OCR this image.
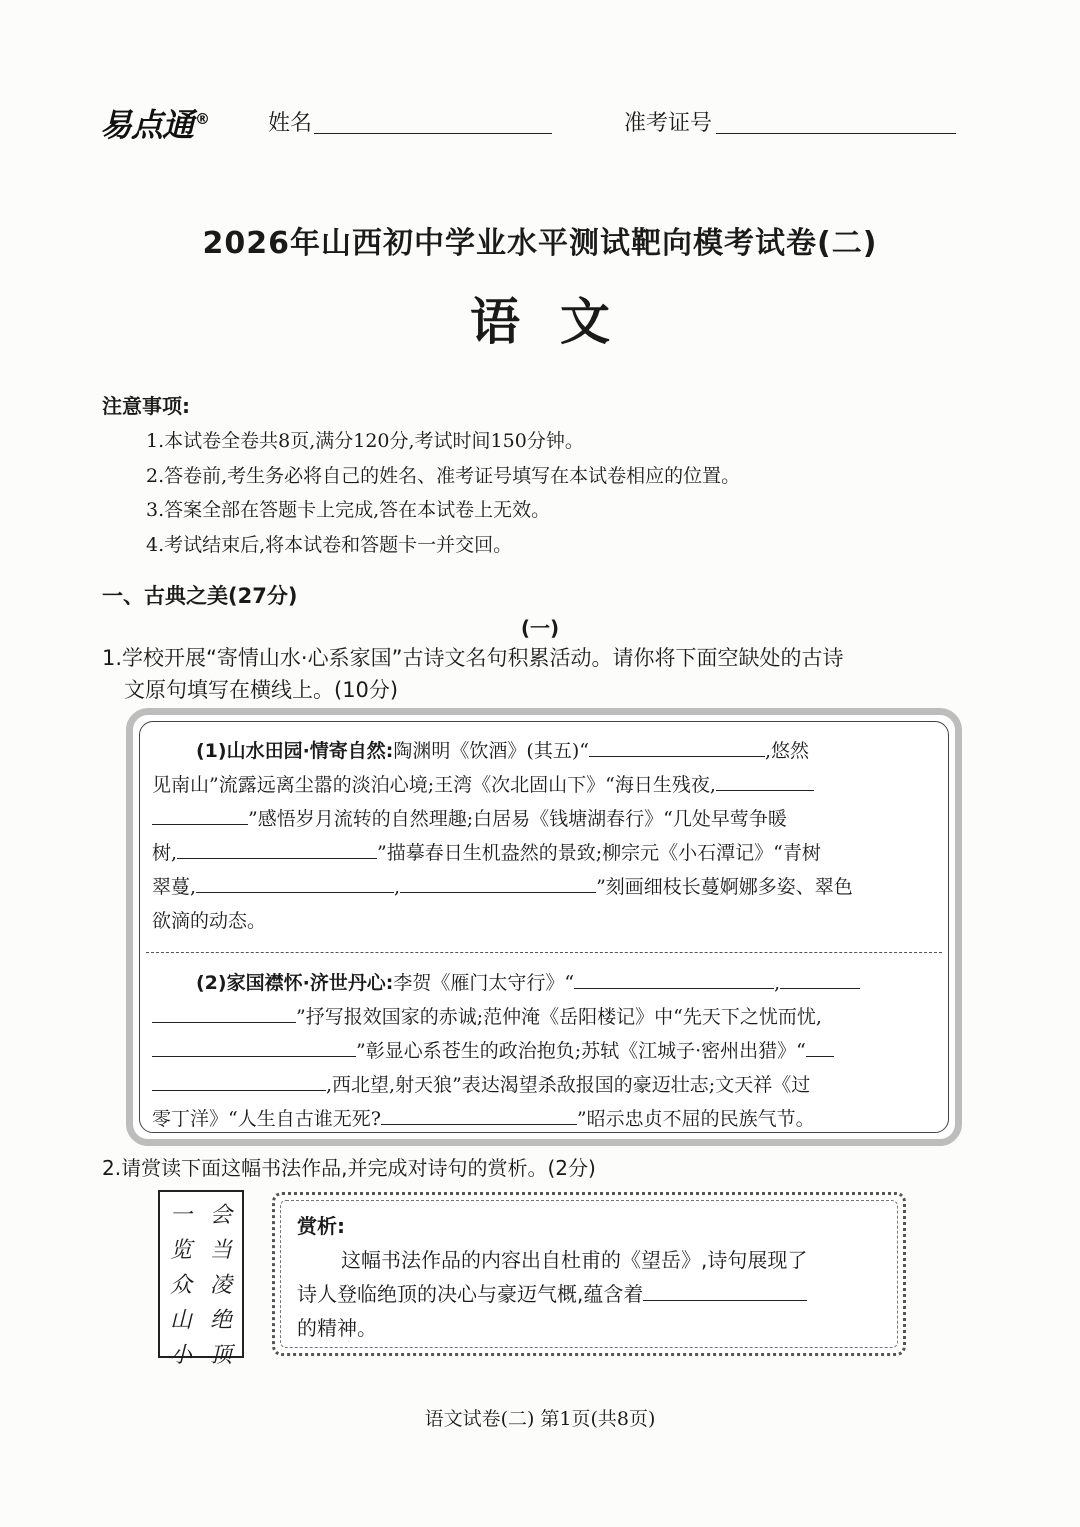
易点通 ®	姓名	准考证号
2026年山西初中学业水平测试靶向模考试卷(二)
语文
注意事项:
1.本试卷全卷共8页,满分120分,考试时间150分钟。
2.答卷前,考生务必将自己的姓名、准考证号填写在本试卷相应的位置。
3.答案全部在答题卡上完成,答在本试卷上无效。
4.考试结束后,将本试卷和答题卡一并交回。
一、古典之美(27分)
(一)
1.学校开展“寄情山水·心系家国”古诗文名句积累活动。请你将下面空缺处的古诗
文原句填写在横线上。(10分)
(1)山水田园·情寄自然:陶渊明《饮酒》(其五)“	,悠然
见南山”流露远离尘嚣的淡泊心境;王湾《次北固山下》“海日生残夜,
”感悟岁月流转的自然理趣;白居易《钱塘湖春行》“几处早莺争暖
树,	”描摹春日生机盎然的景致;柳宗元《小石潭记》“青树
翠蔓,	,	”刻画细枝长蔓婀娜多姿、翠色
欲滴的动态。
(2)家国襟怀·济世丹心:李贺《雁门太守行》“	,
”抒写报效国家的赤诚;范仲淹《岳阳楼记》中“先天下之忧而忧,
”彰显心系苍生的政治抱负;苏轼《江城子·密州出猎》“
,西北望,射天狼”表达渴望杀敌报国的豪迈壮志;文天祥《过
零丁洋》“人生自古谁无死?	”昭示忠贞不屈的民族气节。
2.请赏读下面这幅书法作品,并完成对诗句的赏析。(2分)
会
当
凌
绝
顶
一
览
众
山
小
赏析:
这幅书法作品的内容出自杜甫的《望岳》,诗句展现了
诗人登临绝顶的决心与豪迈气概,蕴含着
的精神。
语文试卷(二) 第1页(共8页)
